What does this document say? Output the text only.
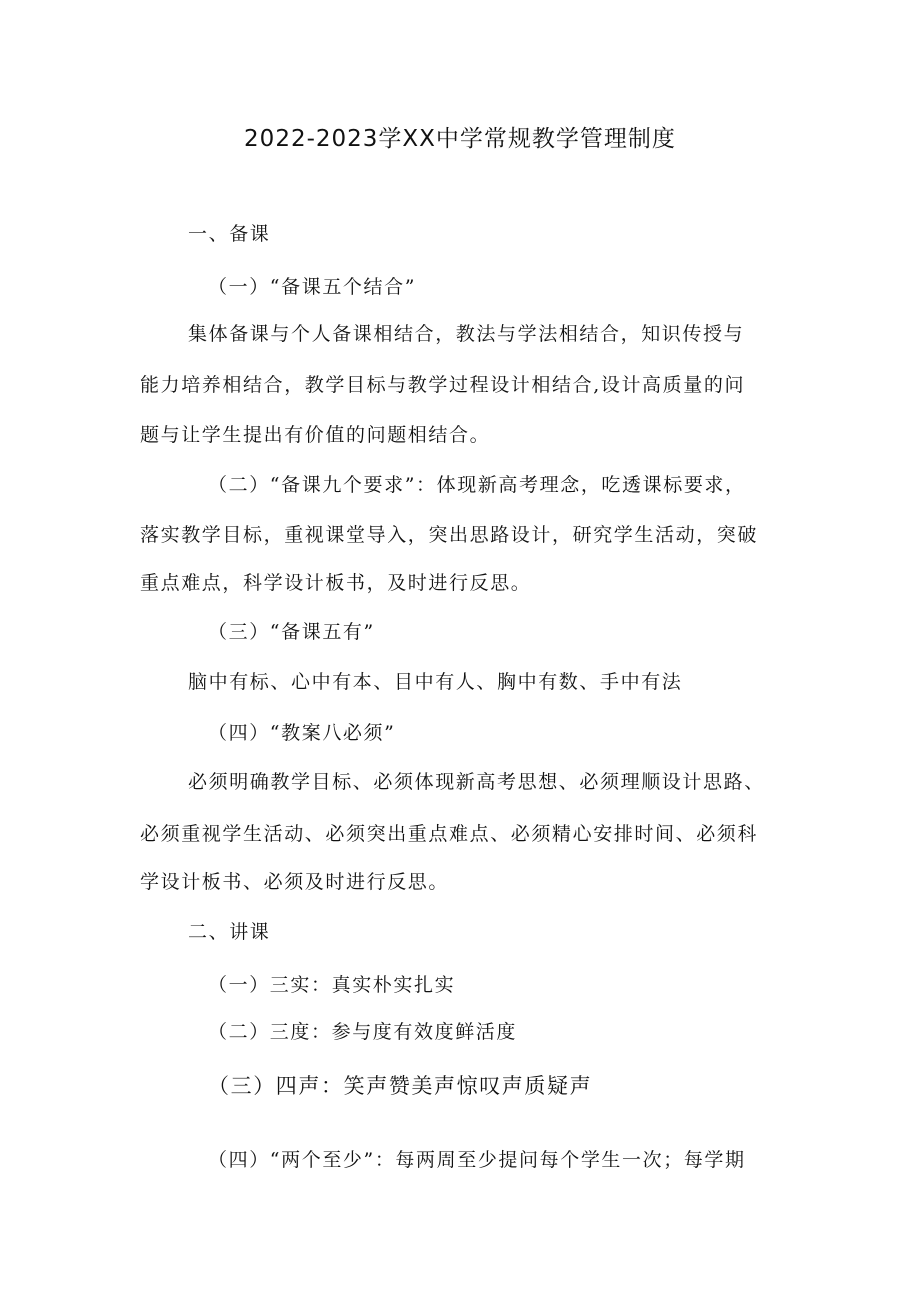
2022-2023学XX中学常规教学管理制度
一、备课
（一）“备课五个结合”
集体备课与个人备课相结合，教法与学法相结合，知识传授与
能力培养相结合，教学目标与教学过程设计相结合,设计高质量的问
题与让学生提出有价值的问题相结合。
（二）“备课九个要求”：体现新高考理念，吃透课标要求，
落实教学目标，重视课堂导入，突出思路设计，研究学生活动，突破
重点难点，科学设计板书，及时进行反思。
（三）“备课五有”
脑中有标、心中有本、目中有人、胸中有数、手中有法
（四）“教案八必须”
必须明确教学目标、必须体现新高考思想、必须理顺设计思路、
必须重视学生活动、必须突出重点难点、必须精心安排时间、必须科
学设计板书、必须及时进行反思。
二、讲课
（一）三实：真实朴实扎实
（二）三度：参与度有效度鲜活度
（三）四声：笑声赞美声惊叹声质疑声
（四）“两个至少”：每两周至少提问每个学生一次；每学期
